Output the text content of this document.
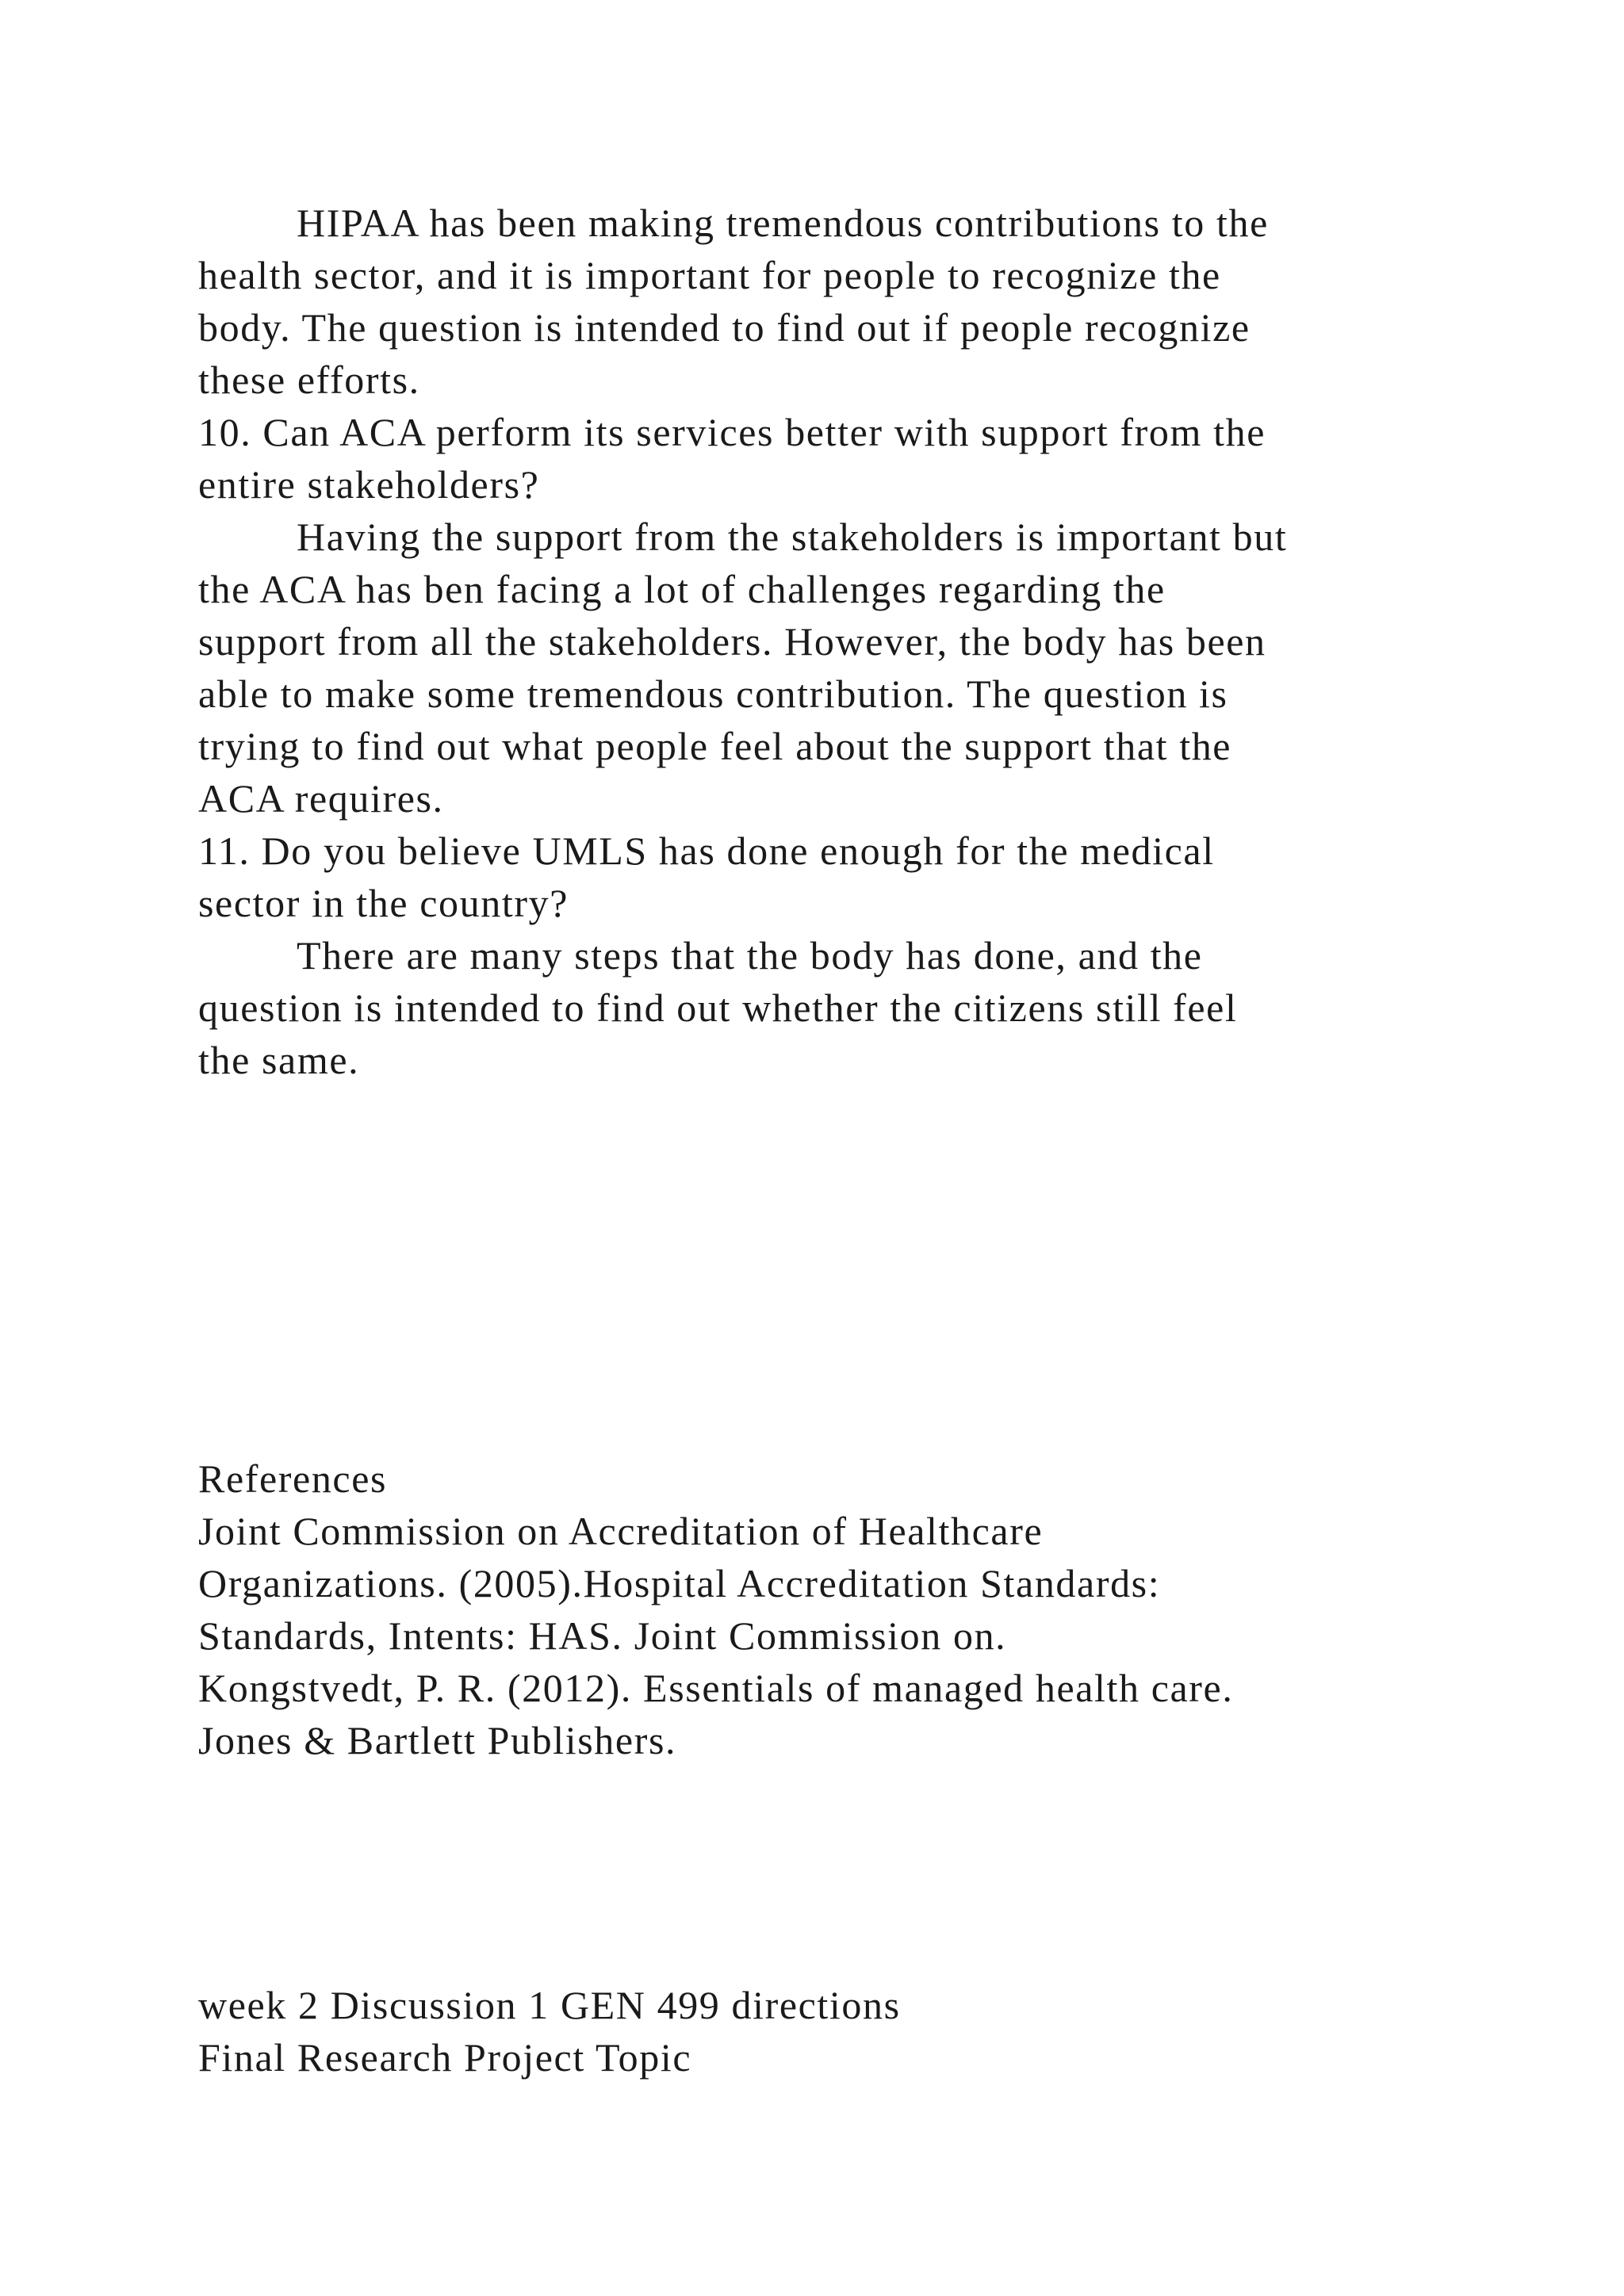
HIPAA has been making tremendous contributions to the

health sector, and it is important for people to recognize the

body. The question is intended to find out if people recognize

these efforts.

10. Can ACA perform its services better with support from the

entire stakeholders?

Having the support from the stakeholders is important but

the ACA has ben facing a lot of challenges regarding the

support from all the stakeholders. However, the body has been

able to make some tremendous contribution. The question is

trying to find out what people feel about the support that the

ACA requires.

11. Do you believe UMLS has done enough for the medical

sector in the country?

There are many steps that the body has done, and the

question is intended to find out whether the citizens still feel

the same.

References

Joint Commission on Accreditation of Healthcare

Organizations. (2005).Hospital Accreditation Standards:

Standards, Intents: HAS. Joint Commission on.

Kongstvedt, P. R. (2012). Essentials of managed health care.

Jones & Bartlett Publishers.

week 2 Discussion 1 GEN 499 directions

Final Research Project Topic
